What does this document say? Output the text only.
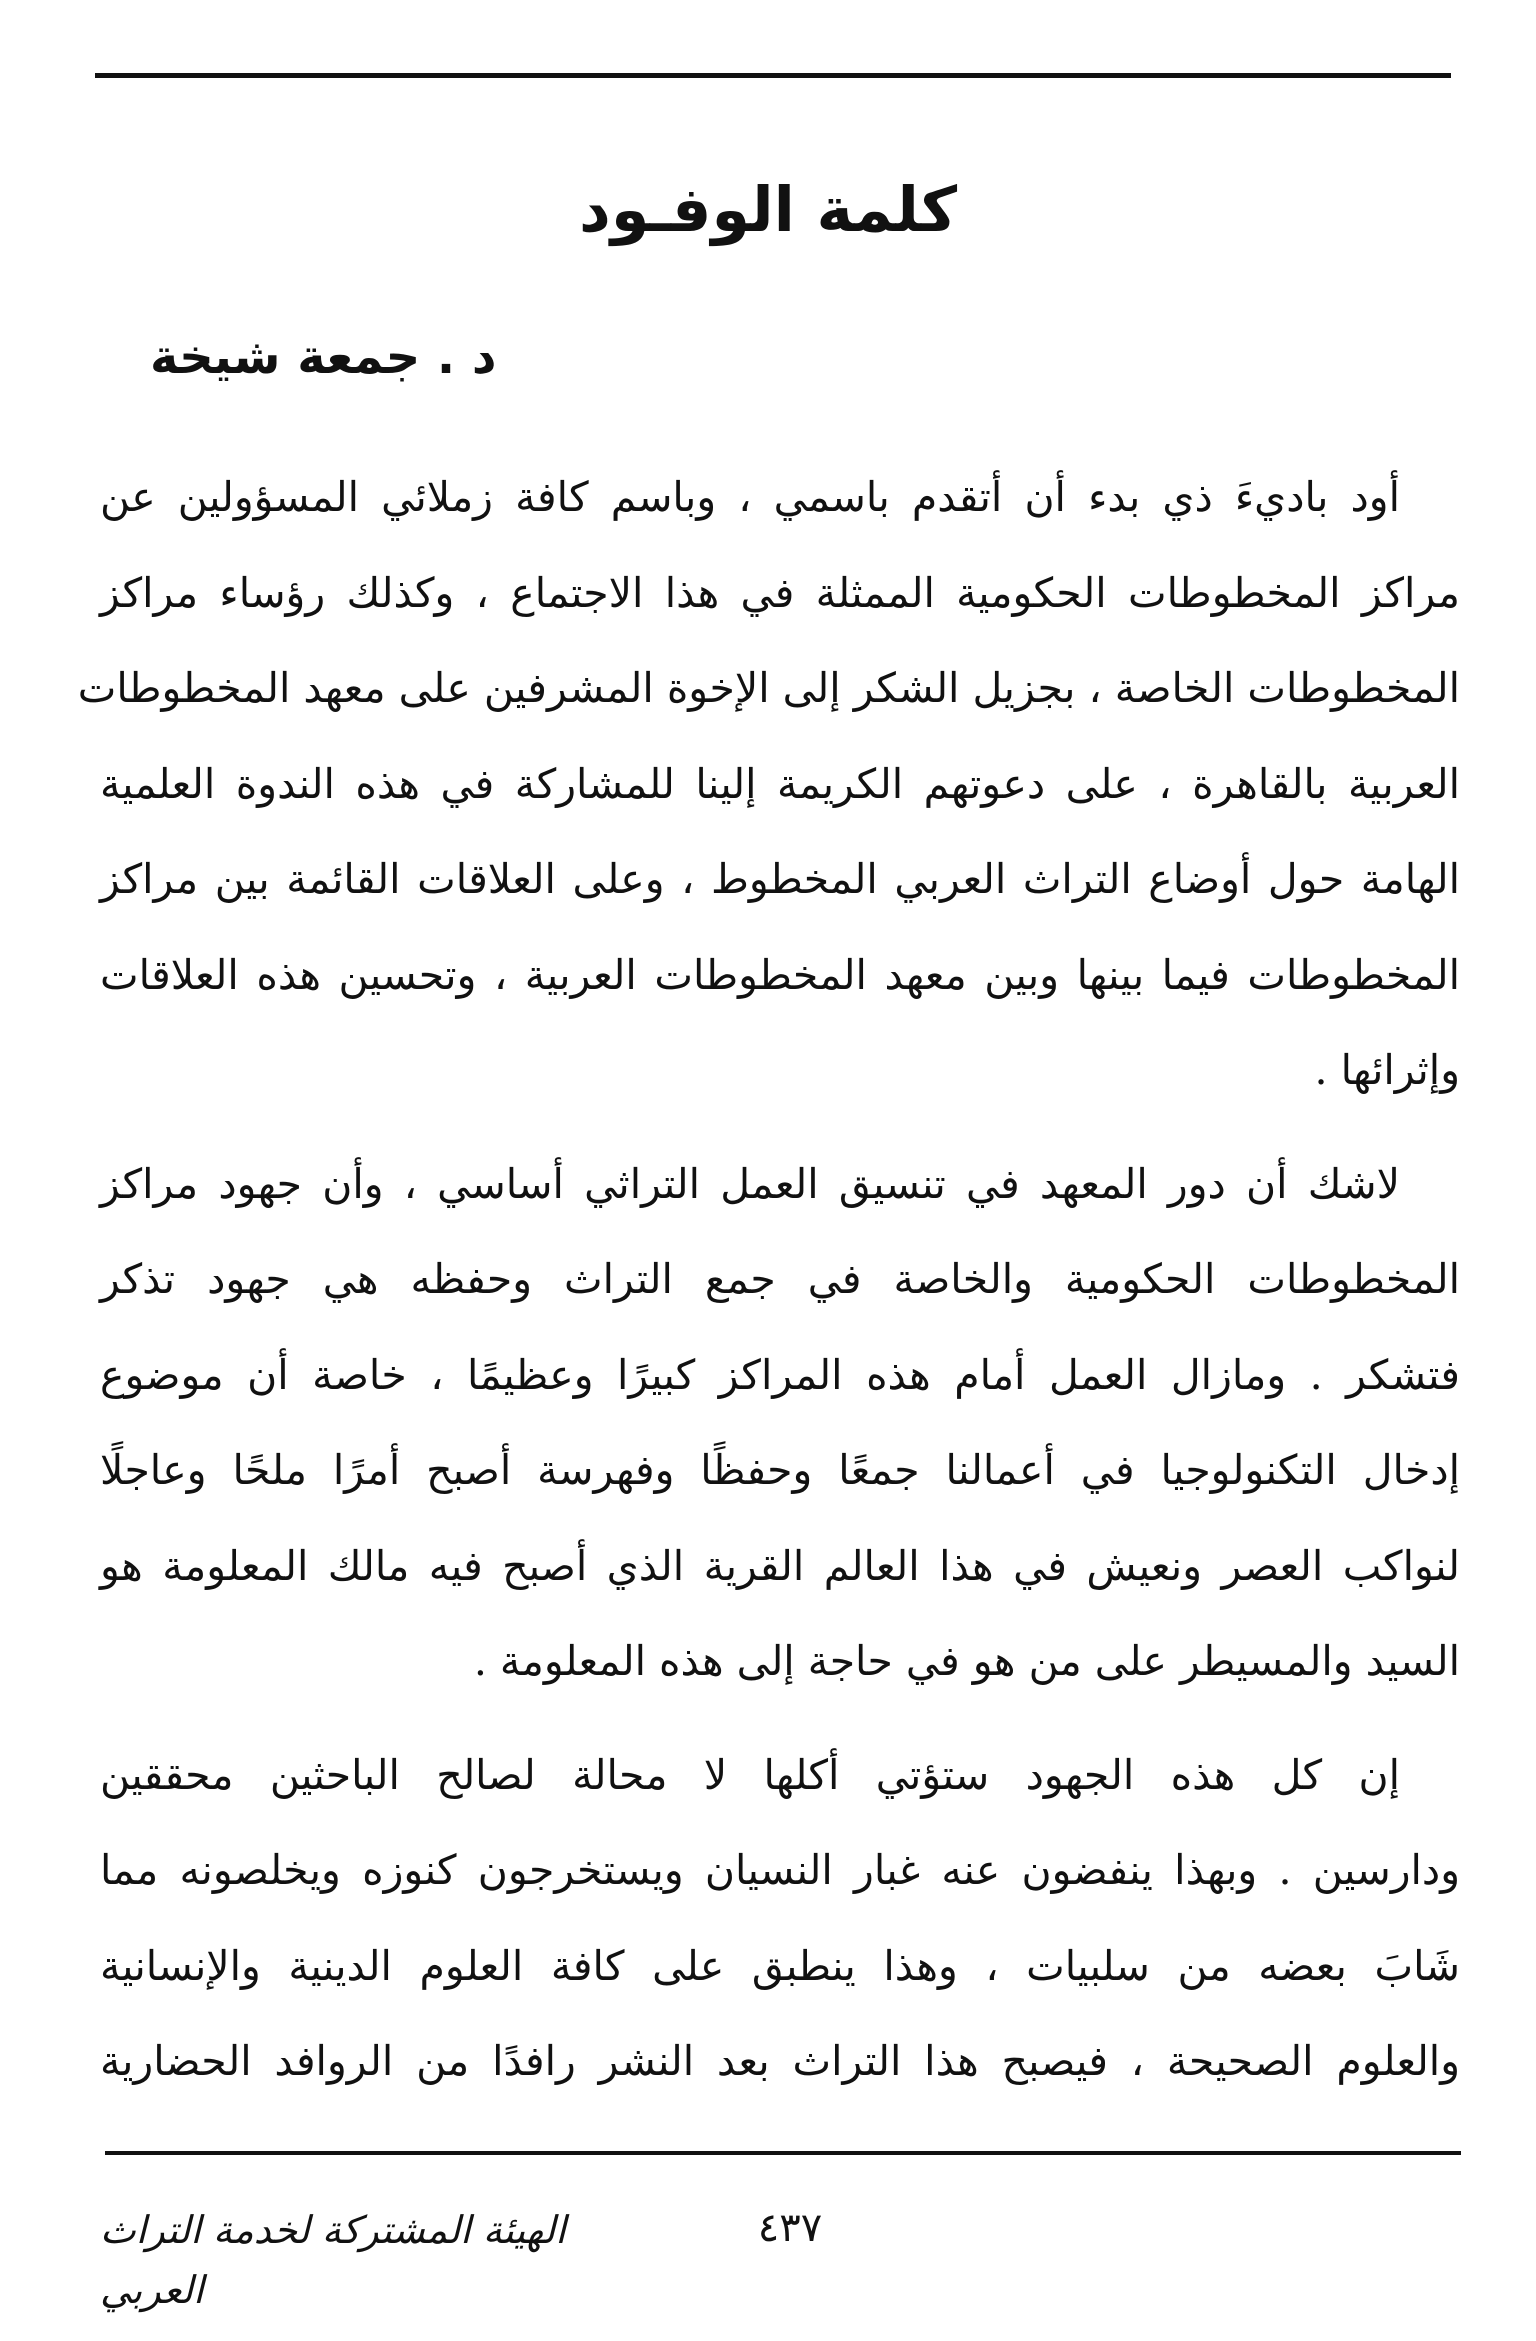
كلمة الوفـود
د . جمعة شيخة
أود باديءَ ذي بدء أن أتقدم باسمي ، وباسم كافة زملائي المسؤولين عن
مراكز المخطوطات الحكومية الممثلة في هذا الاجتماع ، وكذلك رؤساء مراكز
المخطوطات الخاصة ، بجزيل الشكر إلى الإخوة المشرفين على معهد المخطوطات
العربية بالقاهرة ، على دعوتهم الكريمة إلينا للمشاركة في هذه الندوة العلمية
الهامة حول أوضاع التراث العربي المخطوط ، وعلى العلاقات القائمة بين مراكز
المخطوطات فيما بينها وبين معهد المخطوطات العربية ، وتحسين هذه العلاقات
وإثرائها .
لاشك أن دور المعهد في تنسيق العمل التراثي أساسي ، وأن جهود مراكز
المخطوطات الحكومية والخاصة في جمع التراث وحفظه هي جهود تذكر
فتشكر . ومازال العمل أمام هذه المراكز كبيرًا وعظيمًا ، خاصة أن موضوع
إدخال التكنولوجيا في أعمالنا جمعًا وحفظًا وفهرسة أصبح أمرًا ملحًا وعاجلًا
لنواكب العصر ونعيش في هذا العالم القرية الذي أصبح فيه مالك المعلومة هو
السيد والمسيطر على من هو في حاجة إلى هذه المعلومة .
إن كل هذه الجهود ستؤتي أكلها لا محالة لصالح الباحثين محققين
ودارسين . وبهذا ينفضون عنه غبار النسيان ويستخرجون كنوزه ويخلصونه مما
شَابَ بعضه من سلبيات ، وهذا ينطبق على كافة العلوم الدينية والإنسانية
والعلوم الصحيحة ، فيصبح هذا التراث بعد النشر رافدًا من الروافد الحضارية
الهيئة المشتركة لخدمة التراث العربي
٤٣٧
